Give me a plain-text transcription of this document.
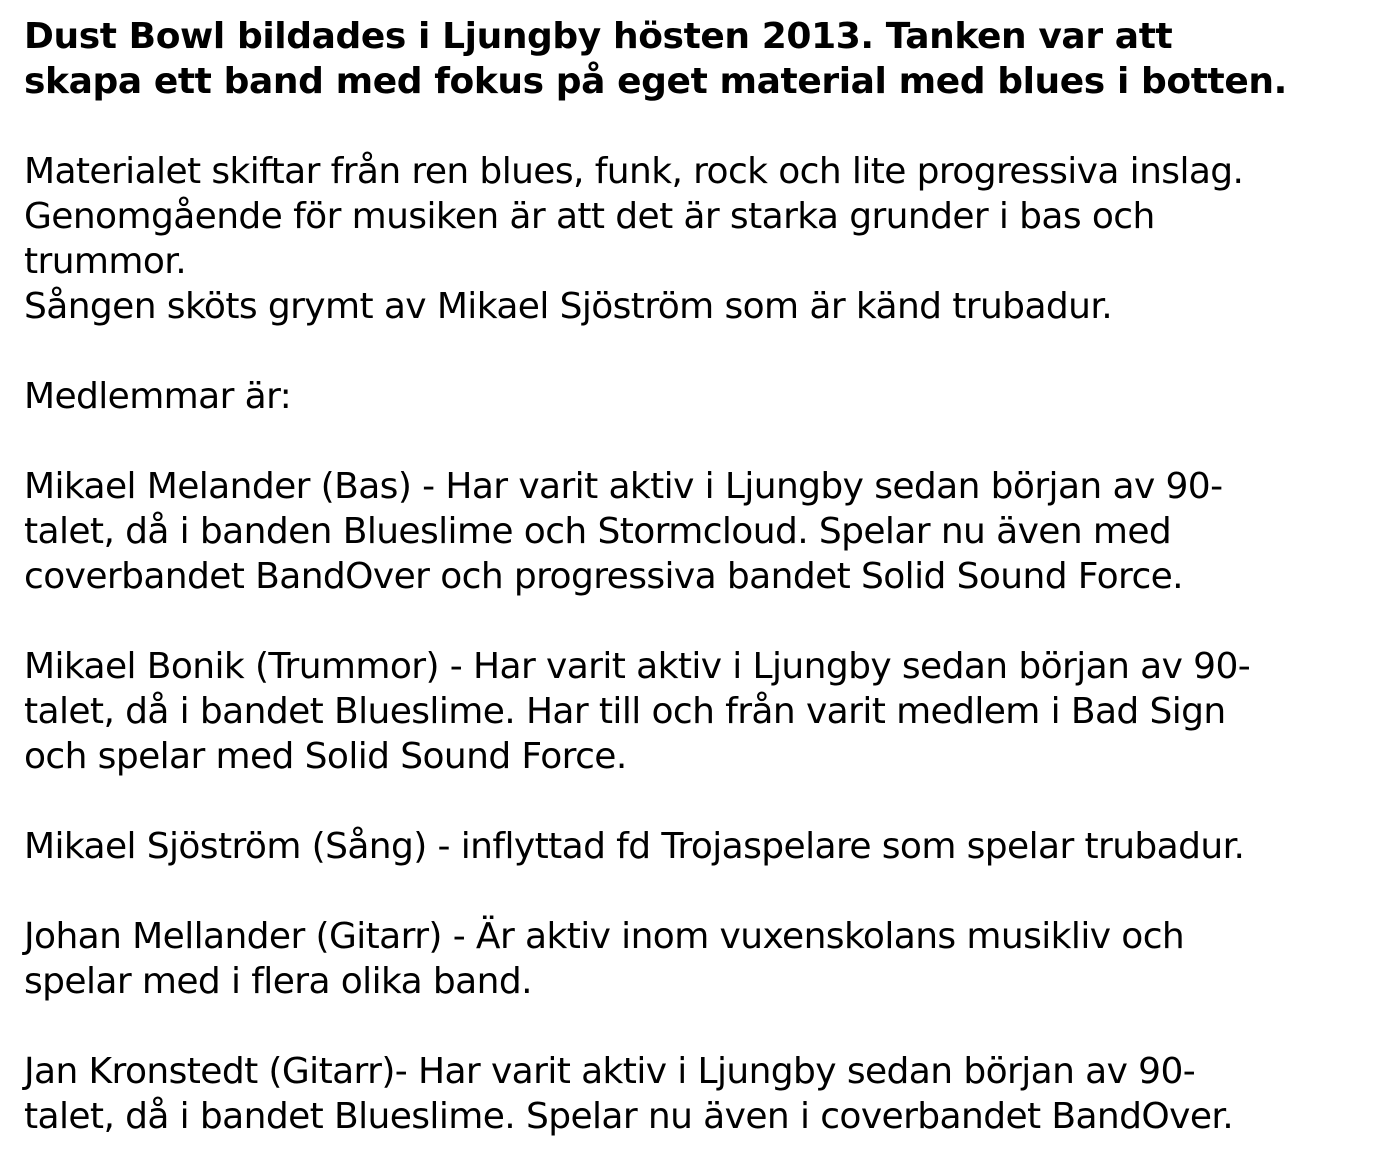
Dust Bowl bildades i Ljungby hösten 2013. Tanken var att
skapa ett band med fokus på eget material med blues i botten.

Materialet skiftar från ren blues, funk, rock och lite progressiva inslag.
Genomgående för musiken är att det är starka grunder i bas och
trummor.
Sången sköts grymt av Mikael Sjöström som är känd trubadur.

Medlemmar är:

Mikael Melander (Bas) - Har varit aktiv i Ljungby sedan början av 90-
talet, då i banden Blueslime och Stormcloud. Spelar nu även med
coverbandet BandOver och progressiva bandet Solid Sound Force.

Mikael Bonik (Trummor) - Har varit aktiv i Ljungby sedan början av 90-
talet, då i bandet Blueslime. Har till och från varit medlem i Bad Sign
och spelar med Solid Sound Force.

Mikael Sjöström (Sång) - inflyttad fd Trojaspelare som spelar trubadur.

Johan Mellander (Gitarr) - Är aktiv inom vuxenskolans musikliv och
spelar med i flera olika band.

Jan Kronstedt (Gitarr)- Har varit aktiv i Ljungby sedan början av 90-
talet, då i bandet Blueslime. Spelar nu även i coverbandet BandOver.
